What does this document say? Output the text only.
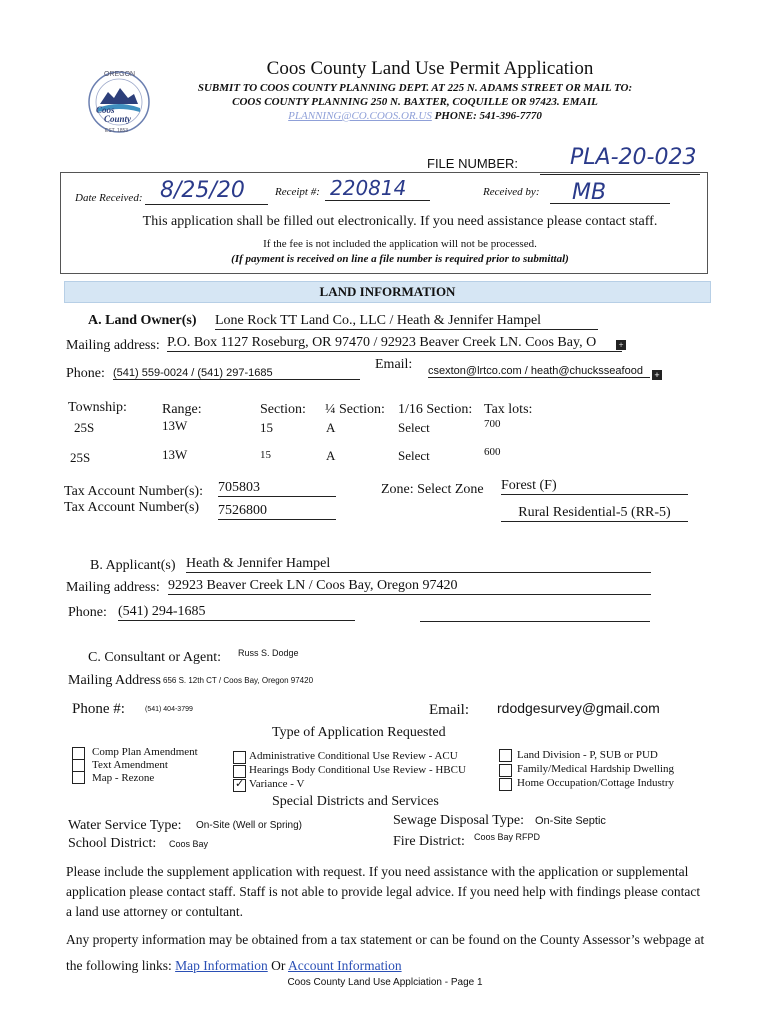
OREGON
Coos
County
EST. 1853
Coos County Land Use Permit Application
SUBMIT TO COOS COUNTY PLANNING DEPT. AT 225 N. ADAMS STREET OR MAIL TO:
COOS COUNTY PLANNING 250 N. BAXTER, COQUILLE OR 97423. EMAIL
PLANNING@CO.COOS.OR.US PHONE: 541-396-7770
FILE NUMBER: PLA-20-023
Date Received: 8/25/20	Receipt #: 220814	Received by: MB
This application shall be filled out electronically. If you need assistance please contact staff.
If the fee is not included the application will not be processed.
(If payment is received on line a file number is required prior to submittal)
LAND INFORMATION
A. Land Owner(s) Lone Rock TT Land Co., LLC / Heath & Jennifer Hampel
Mailing address: P.O. Box 1127 Roseburg, OR 97470 / 92923 Beaver Creek LN. Coos Bay, O	+
Phone: (541) 559-0024 / (541) 297-1685
Email: csexton@lrtco.com / heath@chucksseafood	+
Township:	Range:	Section: ¼ Section: 1/16 Section: Tax lots:
25S	13W	15	A	Select	700
25S	13W	15	A	Select	600
Tax Account Number(s): 705803
Tax Account Number(s) 7526800
Zone: Select Zone Forest (F)
Rural Residential-5 (RR-5)
B. Applicant(s) Heath & Jennifer Hampel
Mailing address: 92923 Beaver Creek LN / Coos Bay, Oregon 97420
Phone: (541) 294-1685
C. Consultant or Agent: Russ S. Dodge
Mailing Address 656 S. 12th CT / Coos Bay, Oregon 97420
Phone #:	(541) 404-3799	Email: rdodgesurvey@gmail.com
Type of Application Requested
Comp Plan Amendment
Text Amendment
Map - Rezone
Administrative Conditional Use Review - ACU
Hearings Body Conditional Use Review - HBCU
✓ Variance - V
Land Division - P, SUB or PUD
Family/Medical Hardship Dwelling
Home Occupation/Cottage Industry
Special Districts and Services
Water Service Type: On-Site (Well or Spring)	Sewage Disposal Type: On-Site Septic
School District: Coos Bay	Fire District: Coos Bay RFPD
Please include the supplement application with request. If you need assistance with the application or supplemental application please contact staff. Staff is not able to provide legal advice. If you need help with findings please contact a land use attorney or contultant.
Any property information may be obtained from a tax statement or can be found on the County Assessor’s webpage at the following links: Map Information Or Account Information
Coos County Land Use Applciation - Page 1
